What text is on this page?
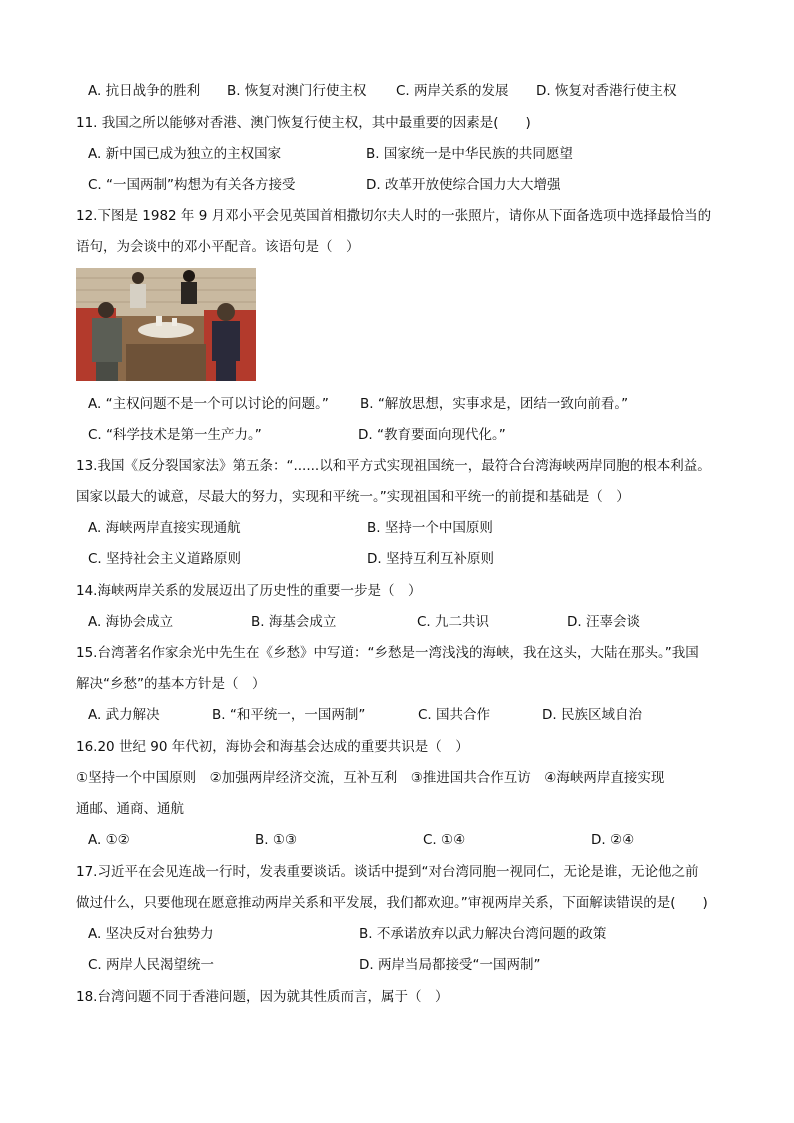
A. 抗日战争的胜利 B. 恢复对澳门行使主权 C. 两岸关系的发展 D. 恢复对香港行使主权
11. 我国之所以能够对香港、澳门恢复行使主权，其中最重要的因素是(　　)
A. 新中国已成为独立的主权国家	B. 国家统一是中华民族的共同愿望
C. “一国两制”构想为有关各方接受	D. 改革开放使综合国力大大增强
12.下图是 1982 年 9 月邓小平会见英国首相撒切尔夫人时的一张照片，请你从下面备选项中选择最恰当的
语句，为会谈中的邓小平配音。该语句是（　）
A. “主权问题不是一个可以讨论的问题。” B. “解放思想，实事求是，团结一致向前看。”
C. “科学技术是第一生产力。”	D. “教育要面向现代化。”
13.我国《反分裂国家法》第五条：“......以和平方式实现祖国统一，最符合台湾海峡两岸同胞的根本利益。
国家以最大的诚意，尽最大的努力，实现和平统一。”实现祖国和平统一的前提和基础是（　）
A. 海峡两岸直接实现通航	B. 坚持一个中国原则
C. 坚持社会主义道路原则	D. 坚持互利互补原则
14.海峡两岸关系的发展迈出了历史性的重要一步是（　）
A. 海协会成立	B. 海基会成立	C. 九二共识	D. 汪辜会谈
15.台湾著名作家余光中先生在《乡愁》中写道：“乡愁是一湾浅浅的海峡，我在这头，大陆在那头。”我国
解决“乡愁”的基本方针是（　）
A. 武力解决	B. “和平统一，一国两制”	C. 国共合作	D. 民族区域自治
16.20 世纪 90 年代初，海协会和海基会达成的重要共识是（　）
①坚持一个中国原则　②加强两岸经济交流，互补互利　③推进国共合作互访　④海峡两岸直接实现
通邮、通商、通航
A. ①②	B. ①③	C. ①④	D. ②④
17.习近平在会见连战一行时，发表重要谈话。谈话中提到“对台湾同胞一视同仁，无论是谁，无论他之前
做过什么，只要他现在愿意推动两岸关系和平发展，我们都欢迎。”审视两岸关系，下面解读错误的是(　　)
A. 坚决反对台独势力	B. 不承诺放弃以武力解决台湾问题的政策
C. 两岸人民渴望统一	D. 两岸当局都接受“一国两制”
18.台湾问题不同于香港问题，因为就其性质而言，属于（　）
